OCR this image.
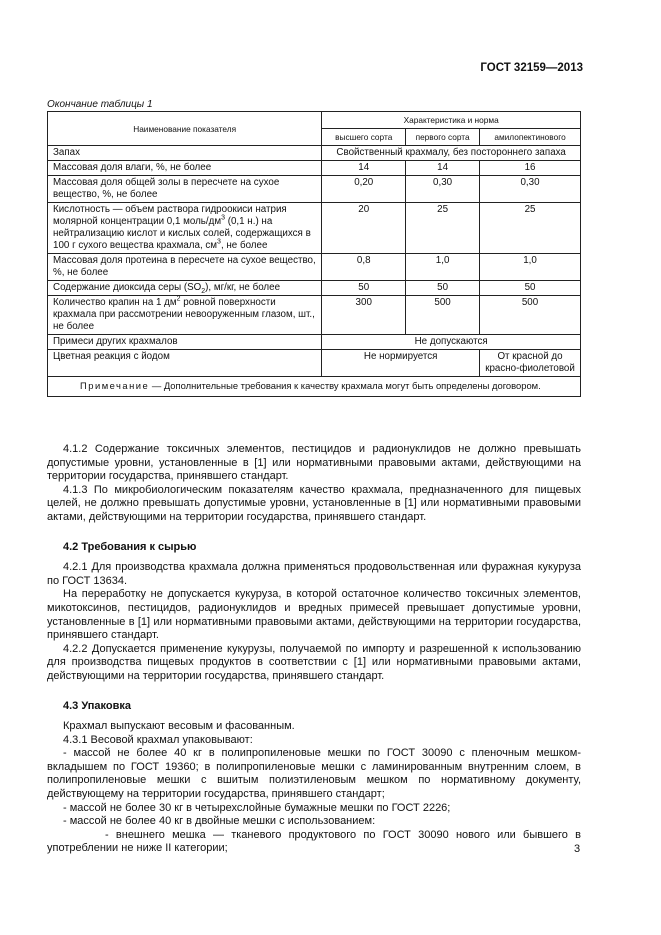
ГОСТ 32159—2013
Окончание таблицы 1
Наименование показателя	Характеристика и норма		
	высшего сорта	первого сорта	амилопектинового
Запах	Свойственный крахмалу, без постороннего запаха		
Массовая доля влаги, %, не более	14	14	16
Массовая доля общей золы в пересчете на сухое вещество, %, не более	0,20	0,30	0,30
Кислотность — объем раствора гидроокиси натрия молярной концентрации 0,1 моль/$дм^3$ (0,1 н.) на нейтрализацию кислот и кислых солей, содержащихся в 100 г сухого вещества крахмала, $см^3$, не более	20	25	25
Массовая доля протеина в пересчете на сухое вещество, %, не более	0,8	1,0	1,0
Содержание диоксида серы $(SO_2)$, мг/кг, не более	50	50	50
Количество крапин на 1 $дм^2$ ровной поверхности крахмала при рассмотрении невооруженным глазом, шт., не более	300	500	500
Примеси других крахмалов	Не допускаются		
Цветная реакция с йодом	Не нормируется		От красной до красно-фиолетовой
Примечание — Дополнительные требования к качеству крахмала могут быть определены договором.			

4.1.2 Содержание токсичных элементов, пестицидов и радионуклидов не должно превышать допустимые уровни, установленные в [1] или нормативными правовыми актами, действующими на территории государства, принявшего стандарт.

4.1.3 По микробиологическим показателям качество крахмала, предназначенного для пищевых целей, не должно превышать допустимые уровни, установленные в [1] или нормативными правовыми актами, действующими на территории государства, принявшего стандарт.

4.2 Требования к сырью

4.2.1 Для производства крахмала должна применяться продовольственная или фуражная кукуруза по ГОСТ 13634.

На переработку не допускается кукуруза, в которой остаточное количество токсичных элементов, микотоксинов, пестицидов, радионуклидов и вредных примесей превышает допустимые уровни, установленные в [1] или нормативными правовыми актами, действующими на территории государства, принявшего стандарт.

4.2.2 Допускается применение кукурузы, получаемой по импорту и разрешенной к использованию для производства пищевых продуктов в соответствии с [1] или нормативными правовыми актами, действующими на территории государства, принявшего стандарт.

4.3 Упаковка

Крахмал выпускают весовым и фасованным.

4.3.1 Весовой крахмал упаковывают:

- массой не более 40 кг в полипропиленовые мешки по ГОСТ 30090 с пленочным мешком-вкладышем по ГОСТ 19360; в полипропиленовые мешки с ламинированным внутренним слоем, в полипропиленовые мешки с вшитым полиэтиленовым мешком по нормативному документу, действующему на территории государства, принявшего стандарт;

- массой не более 30 кг в четырехслойные бумажные мешки по ГОСТ 2226;

- массой не более 40 кг в двойные мешки с использованием:

- внешнего мешка — тканевого продуктового по ГОСТ 30090 нового или бывшего в употреблении не ниже II категории;	3
